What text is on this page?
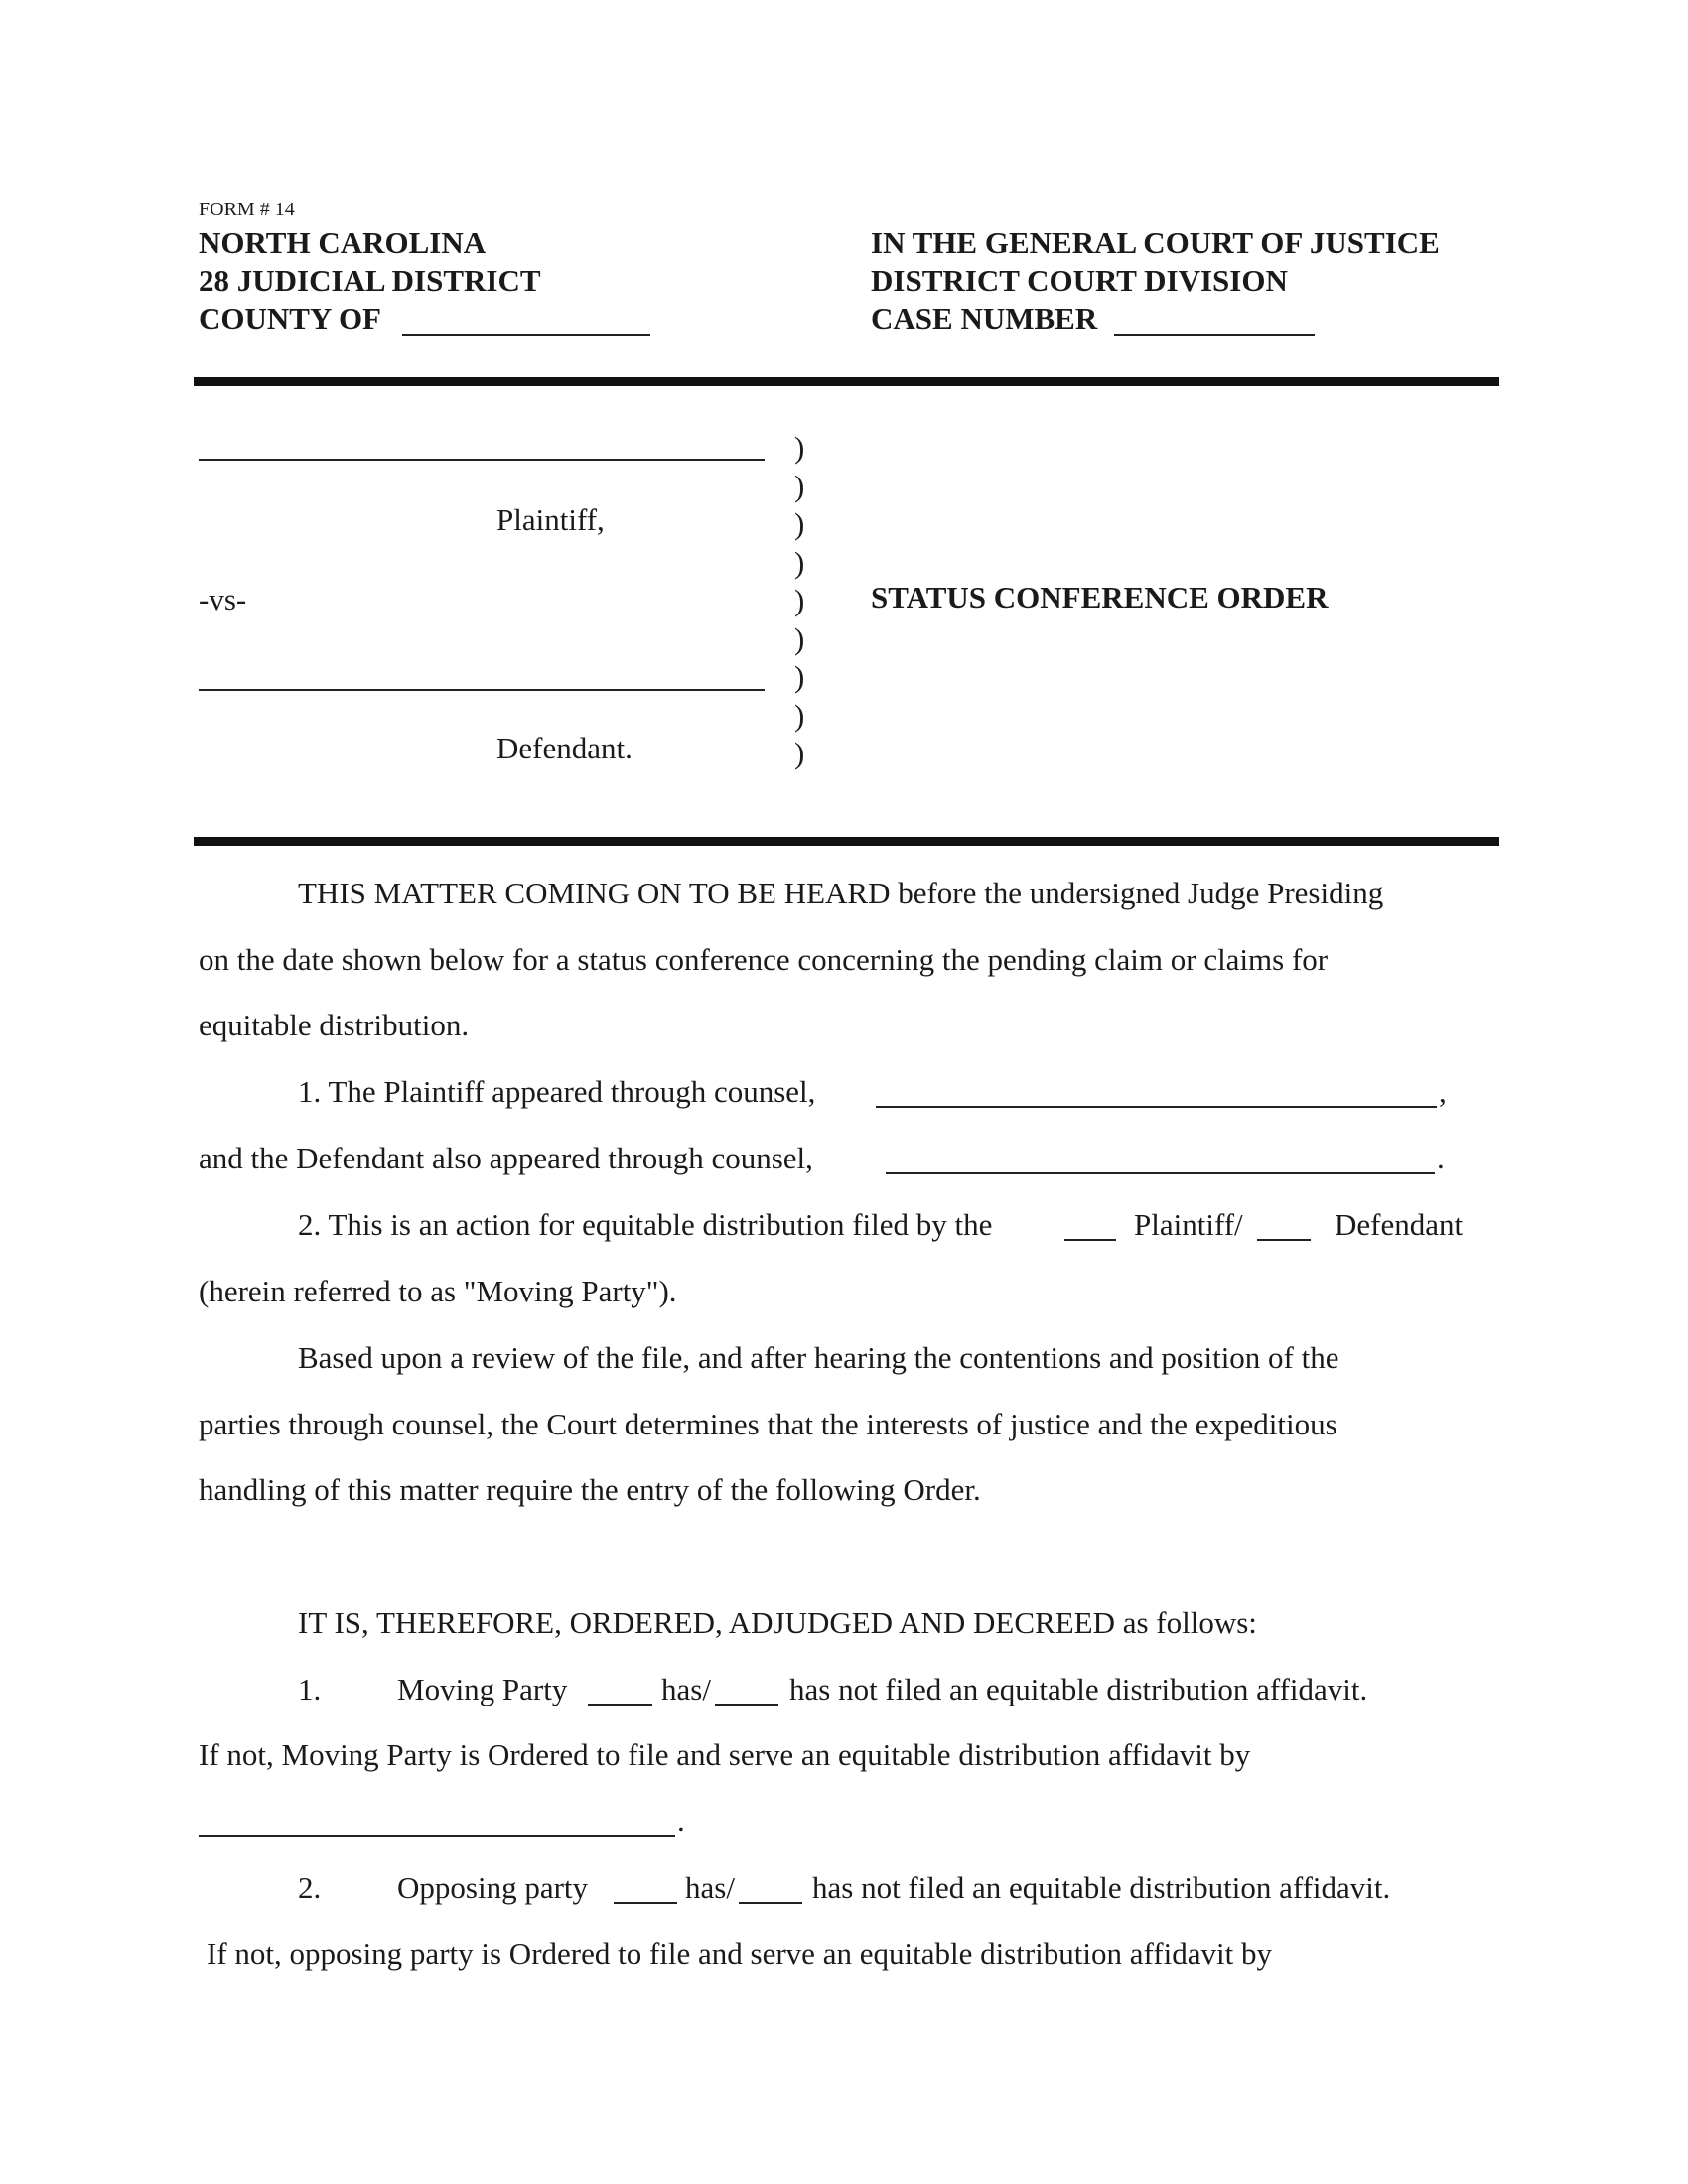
FORM # 14
NORTH CAROLINA
28 JUDICIAL DISTRICT
COUNTY OF
IN THE GENERAL COURT OF JUSTICE
DISTRICT COURT DIVISION
CASE NUMBER
Plaintiff,
-vs-
Defendant.
)
)
)
)
)
)
)
)
)
STATUS CONFERENCE ORDER
THIS MATTER COMING ON TO BE HEARD before the undersigned Judge Presiding
on the date shown below for a status conference concerning the pending claim or claims for
equitable distribution.
1. The Plaintiff appeared through counsel,	,
and the Defendant also appeared through counsel,	.
2. This is an action for equitable distribution filed by the	Plaintiff/	Defendant
(herein referred to as "Moving Party").
Based upon a review of the file, and after hearing the contentions and position of the
parties through counsel, the Court determines that the interests of justice and the expeditious
handling of this matter require the entry of the following Order.
IT IS, THEREFORE, ORDERED, ADJUDGED AND DECREED as follows:
1. Moving Party	has/	has not filed an equitable distribution affidavit.
If not, Moving Party is Ordered to file and serve an equitable distribution affidavit by
.
2. Opposing party	has/	has not filed an equitable distribution affidavit.
If not, opposing party is Ordered to file and serve an equitable distribution affidavit by
